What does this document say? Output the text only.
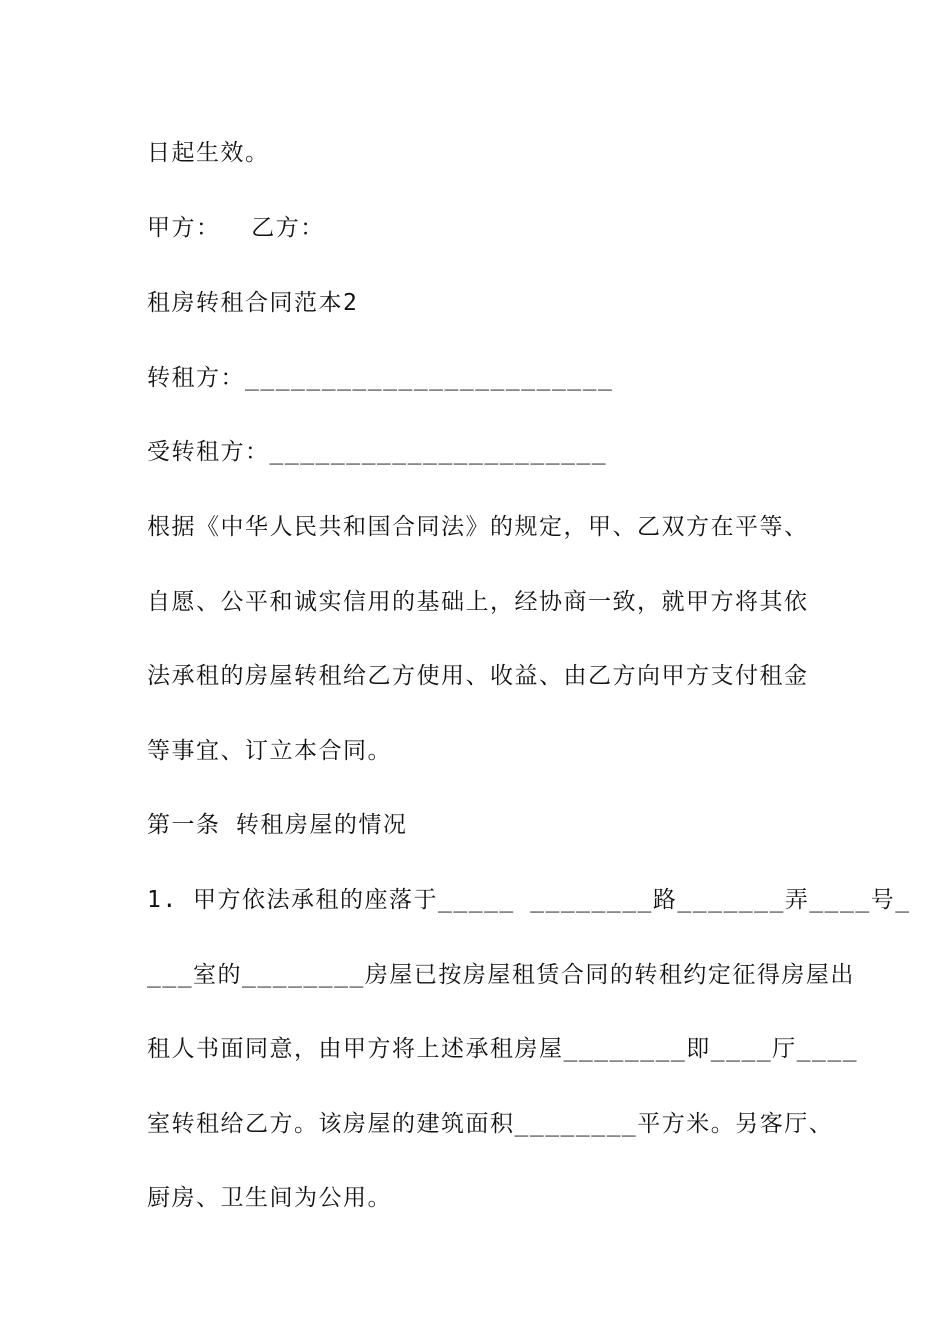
日起生效。
甲方：  乙方：
租房转租合同范本2
转租方：________________________
受转租方：______________________
根据《中华人民共和国合同法》的规定，甲、乙双方在平等、
自愿、公平和诚实信用的基础上，经协商一致，就甲方将其依
法承租的房屋转租给乙方使用、收益、由乙方向甲方支付租金
等事宜、订立本合同。
第一条 转租房屋的情况
1. 甲方依法承租的座落于_____ ________路_______弄____号_
___室的________房屋已按房屋租赁合同的转租约定征得房屋出
租人书面同意，由甲方将上述承租房屋________即____厅____
室转租给乙方。该房屋的建筑面积________平方米。另客厅、
厨房、卫生间为公用。
